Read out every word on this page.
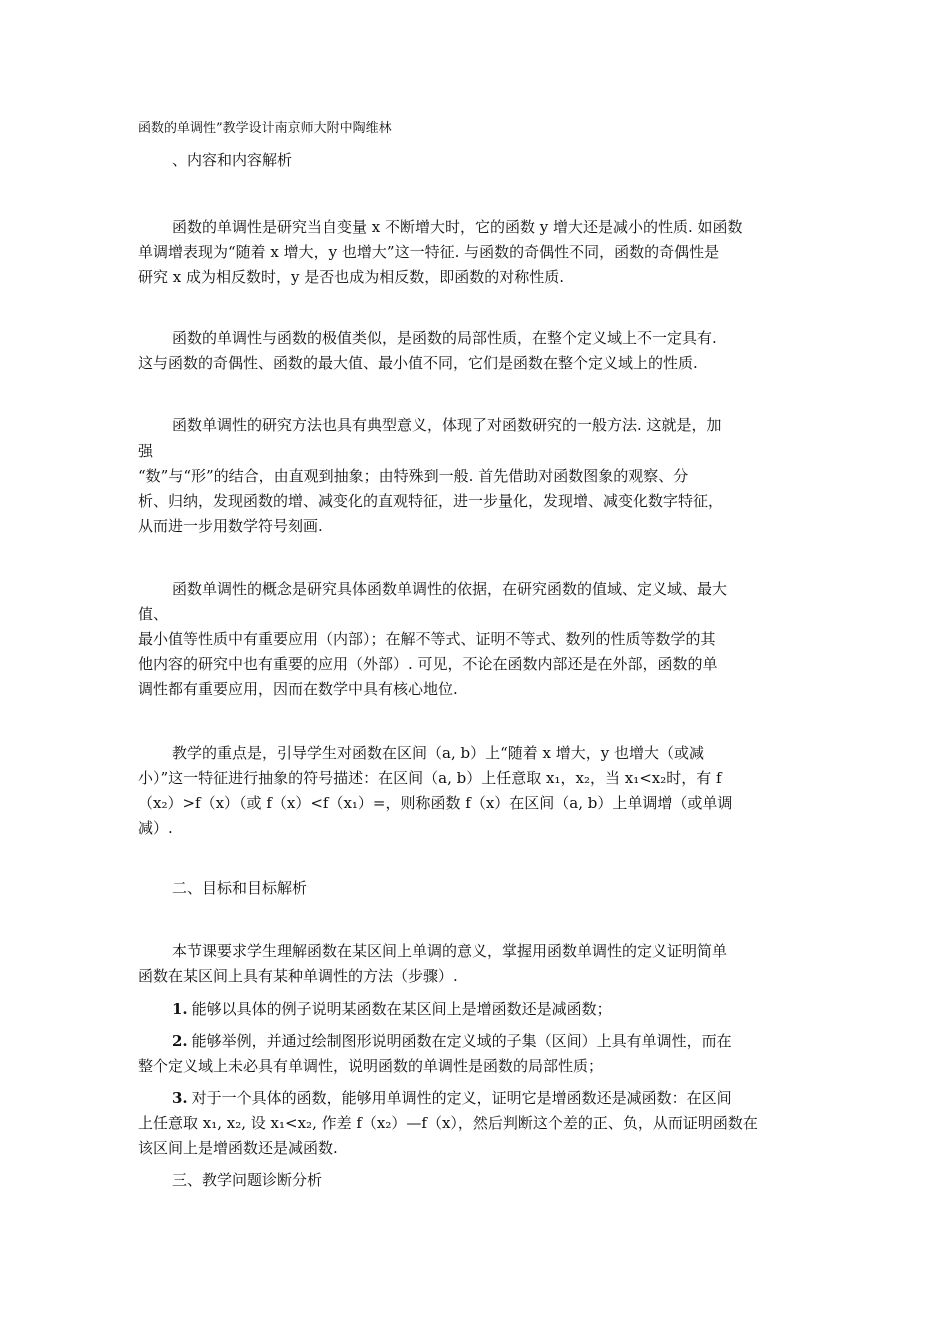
函数的单调性”教学设计南京师大附中陶维林
、内容和内容解析
函数的单调性是研究当自变量 x 不断增大时，它的函数 y 增大还是减小的性质. 如函数
单调增表现为“随着 x 增大，y 也增大”这一特征. 与函数的奇偶性不同，函数的奇偶性是
研究 x 成为相反数时，y 是否也成为相反数，即函数的对称性质.
函数的单调性与函数的极值类似，是函数的局部性质，在整个定义域上不一定具有.
这与函数的奇偶性、函数的最大值、最小值不同，它们是函数在整个定义域上的性质.
函数单调性的研究方法也具有典型意义，体现了对函数研究的一般方法. 这就是，加
强
“数”与“形”的结合，由直观到抽象；由特殊到一般. 首先借助对函数图象的观察、分
析、归纳，发现函数的增、减变化的直观特征，进一步量化，发现增、减变化数字特征，
从而进一步用数学符号刻画.
函数单调性的概念是研究具体函数单调性的依据，在研究函数的值域、定义域、最大
值、
最小值等性质中有重要应用（内部）；在解不等式、证明不等式、数列的性质等数学的其
他内容的研究中也有重要的应用（外部）. 可见，不论在函数内部还是在外部，函数的单
调性都有重要应用，因而在数学中具有核心地位.
教学的重点是，引导学生对函数在区间（a, b）上“随着 x 增大，y 也增大（或减
小）”这一特征进行抽象的符号描述：在区间（a, b）上任意取 x₁，x₂，当 x₁<x₂时，有 f
（x₂）>f（x）（或 f（x）<f（x₁）=，则称函数 f（x）在区间（a, b）上单调增（或单调
减）.
二、目标和目标解析
本节课要求学生理解函数在某区间上单调的意义，掌握用函数单调性的定义证明简单
函数在某区间上具有某种单调性的方法（步骤）.
1. 能够以具体的例子说明某函数在某区间上是增函数还是减函数；
2. 能够举例，并通过绘制图形说明函数在定义域的子集（区间）上具有单调性，而在
整个定义域上未必具有单调性，说明函数的单调性是函数的局部性质；
3. 对于一个具体的函数，能够用单调性的定义，证明它是增函数还是减函数：在区间
上任意取 x₁, x₂, 设 x₁<x₂, 作差 f（x₂）—f（x），然后判断这个差的正、负，从而证明函数在
该区间上是增函数还是减函数.
三、教学问题诊断分析
